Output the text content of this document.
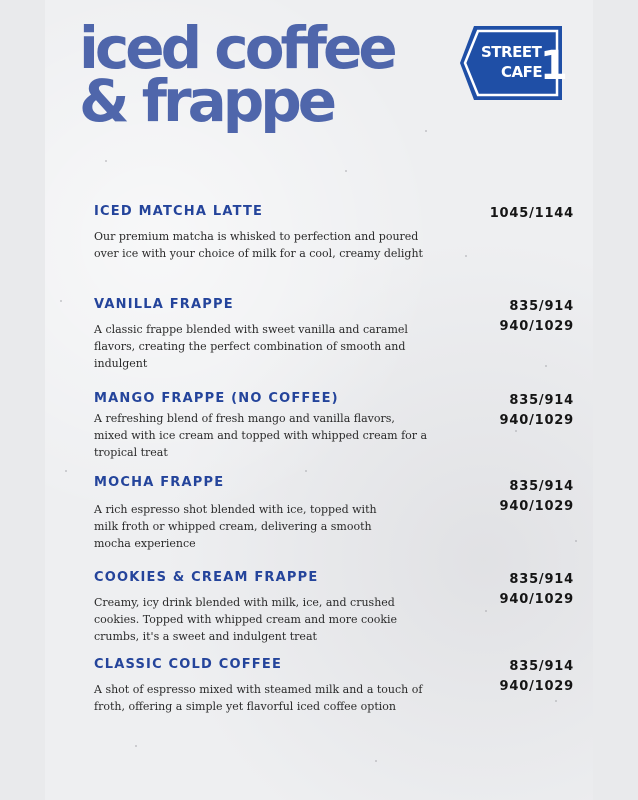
iced coffee
& frappe
STREET
CAFE
1
ICED MATCHA LATTE
Our premium matcha is whisked to perfection and poured over ice with your choice of milk for a cool, creamy delight
1045/1144
VANILLA FRAPPE
A classic frappe blended with sweet vanilla and caramel flavors, creating the perfect combination of smooth and indulgent
835/914
940/1029
MANGO FRAPPE (NO COFFEE)
A refreshing blend of fresh mango and vanilla flavors, mixed with ice cream and topped with whipped cream for a tropical treat
835/914
940/1029
MOCHA FRAPPE
A rich espresso shot blended with ice, topped with milk froth or whipped cream, delivering a smooth mocha experience
835/914
940/1029
COOKIES & CREAM FRAPPE
Creamy, icy drink blended with milk, ice, and crushed cookies. Topped with whipped cream and more cookie crumbs, it's a sweet and indulgent treat
835/914
940/1029
CLASSIC COLD COFFEE
A shot of espresso mixed with steamed milk and a touch of froth, offering a simple yet flavorful iced coffee option
835/914
940/1029
